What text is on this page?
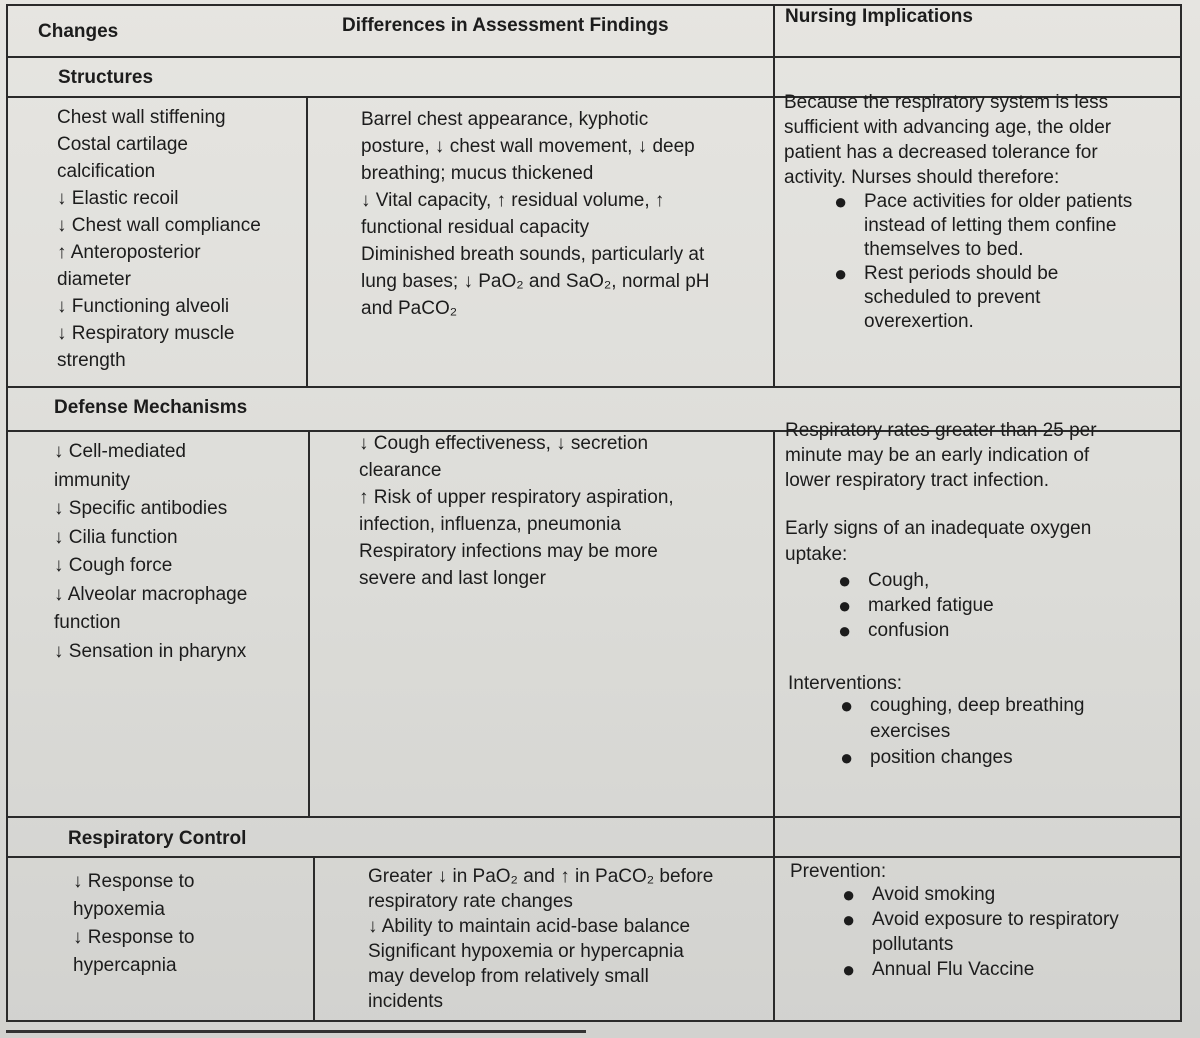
Changes	Differences in Assessment Findings	Nursing Implications
Structures
Chest wall stiffening
Costal cartilage
calcification
↓ Elastic recoil
↓ Chest wall compliance
↑ Anteroposterior
diameter
↓ Functioning alveoli
↓ Respiratory muscle
strength
Barrel chest appearance, kyphotic
posture, ↓ chest wall movement, ↓ deep
breathing; mucus thickened
↓ Vital capacity, ↑ residual volume, ↑
functional residual capacity
Diminished breath sounds, particularly at
lung bases; ↓ PaO₂ and SaO₂, normal pH
and PaCO₂
Because the respiratory system is less
sufficient with advancing age, the older
patient has a decreased tolerance for
activity. Nurses should therefore:
● Pace activities for older patients
instead of letting them confine
themselves to bed.
● Rest periods should be
scheduled to prevent
overexertion.
Defense Mechanisms
↓ Cell-mediated
immunity
↓ Specific antibodies
↓ Cilia function
↓ Cough force
↓ Alveolar macrophage
function
↓ Sensation in pharynx
↓ Cough effectiveness, ↓ secretion
clearance
↑ Risk of upper respiratory aspiration,
infection, influenza, pneumonia
Respiratory infections may be more
severe and last longer
Respiratory rates greater than 25 per
minute may be an early indication of
lower respiratory tract infection.
Early signs of an inadequate oxygen
uptake:
● Cough,
● marked fatigue
● confusion
Interventions:
● coughing, deep breathing
exercises
● position changes
Respiratory Control
↓ Response to
hypoxemia
↓ Response to
hypercapnia
Greater ↓ in PaO₂ and ↑ in PaCO₂ before
respiratory rate changes
↓ Ability to maintain acid-base balance
Significant hypoxemia or hypercapnia
may develop from relatively small
incidents
Prevention:
● Avoid smoking
● Avoid exposure to respiratory
pollutants
● Annual Flu Vaccine
